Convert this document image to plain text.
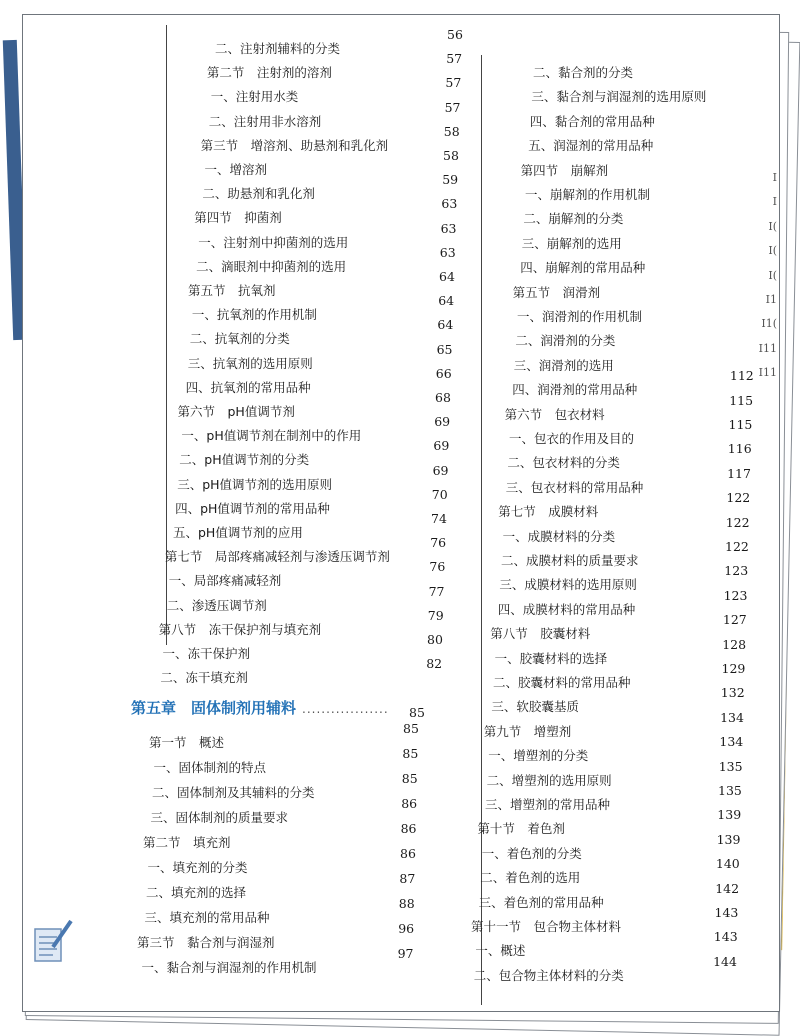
第五章　固体制剂用辅料 .................. 85
二、注射剂辅料的分类
56
第二节　注射剂的溶剂
57
一、注射用水类
57
二、注射用非水溶剂
57
第三节　增溶剂、助悬剂和乳化剂
58
一、增溶剂
58
二、助悬剂和乳化剂
59
第四节　抑菌剂
63
一、注射剂中抑菌剂的选用
63
二、滴眼剂中抑菌剂的选用
63
第五节　抗氧剂
64
一、抗氧剂的作用机制
64
二、抗氧剂的分类
64
三、抗氧剂的选用原则
65
四、抗氧剂的常用品种
66
第六节　pH值调节剂
68
一、pH值调节剂在制剂中的作用
69
二、pH值调节剂的分类
69
三、pH值调节剂的选用原则
69
四、pH值调节剂的常用品种
70
五、pH值调节剂的应用
74
第七节　局部疼痛减轻剂与渗透压调节剂
76
一、局部疼痛减轻剂
76
二、渗透压调节剂
77
第八节　冻干保护剂与填充剂
79
一、冻干保护剂
80
二、冻干填充剂
82
第一节　概述
85
一、固体制剂的特点
85
二、固体制剂及其辅料的分类
85
三、固体制剂的质量要求
86
第二节　填充剂
86
一、填充剂的分类
86
二、填充剂的选择
87
三、填充剂的常用品种
88
第三节　黏合剂与润湿剂
96
一、黏合剂与润湿剂的作用机制
97
二、黏合剂的分类
三、黏合剂与润湿剂的选用原则
四、黏合剂的常用品种
五、润湿剂的常用品种
第四节　崩解剂
一、崩解剂的作用机制
二、崩解剂的分类
三、崩解剂的选用
四、崩解剂的常用品种
第五节　润滑剂
一、润滑剂的作用机制
二、润滑剂的分类
三、润滑剂的选用
四、润滑剂的常用品种
112
第六节　包衣材料
115
一、包衣的作用及目的
115
二、包衣材料的分类
116
三、包衣材料的常用品种
117
第七节　成膜材料
122
一、成膜材料的分类
122
二、成膜材料的质量要求
122
三、成膜材料的选用原则
123
四、成膜材料的常用品种
123
第八节　胶囊材料
127
一、胶囊材料的选择
128
二、胶囊材料的常用品种
129
三、软胶囊基质
132
第九节　增塑剂
134
一、增塑剂的分类
134
二、增塑剂的选用原则
135
三、增塑剂的常用品种
135
第十节　着色剂
139
一、着色剂的分类
139
二、着色剂的选用
140
三、着色剂的常用品种
142
第十一节　包合物主体材料
143
一、概述
143
二、包合物主体材料的分类
144
I
I
I(
I(
I(
I1
I1(
I11
I11
